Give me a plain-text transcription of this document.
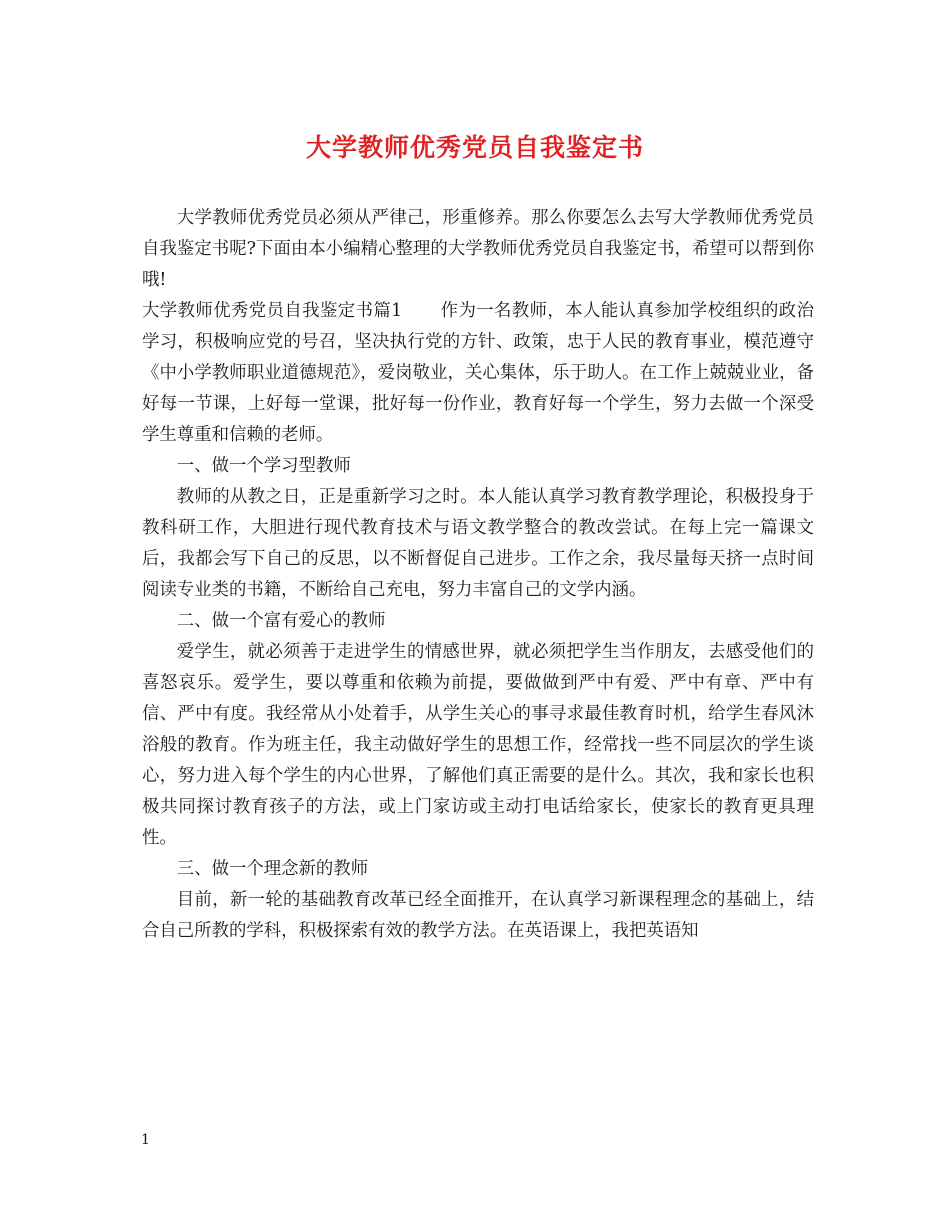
大学教师优秀党员自我鉴定书

大学教师优秀党员必须从严律己，形重修养。那么你要怎么去写大学教师优秀党员自我鉴定书呢?下面由本小编精心整理的大学教师优秀党员自我鉴定书，希望可以帮到你哦!

大学教师优秀党员自我鉴定书篇1 作为一名教师，本人能认真参加学校组织的政治学习，积极响应党的号召，坚决执行党的方针、政策，忠于人民的教育事业，模范遵守《中小学教师职业道德规范》，爱岗敬业，关心集体，乐于助人。在工作上兢兢业业，备好每一节课，上好每一堂课，批好每一份作业，教育好每一个学生，努力去做一个深受学生尊重和信赖的老师。

一、做一个学习型教师

教师的从教之日，正是重新学习之时。本人能认真学习教育教学理论，积极投身于教科研工作，大胆进行现代教育技术与语文教学整合的教改尝试。在每上完一篇课文后，我都会写下自己的反思，以不断督促自己进步。工作之余，我尽量每天挤一点时间阅读专业类的书籍，不断给自己充电，努力丰富自己的文学内涵。

二、做一个富有爱心的教师

爱学生，就必须善于走进学生的情感世界，就必须把学生当作朋友，去感受他们的喜怒哀乐。爱学生，要以尊重和依赖为前提，要做做到严中有爱、严中有章、严中有信、严中有度。我经常从小处着手，从学生关心的事寻求最佳教育时机，给学生春风沐浴般的教育。作为班主任，我主动做好学生的思想工作，经常找一些不同层次的学生谈心，努力进入每个学生的内心世界，了解他们真正需要的是什么。其次，我和家长也积极共同探讨教育孩子的方法，或上门家访或主动打电话给家长，使家长的教育更具理性。

三、做一个理念新的教师

目前，新一轮的基础教育改革已经全面推开，在认真学习新课程理念的基础上，结合自己所教的学科，积极探索有效的教学方法。在英语课上，我把英语知

1
